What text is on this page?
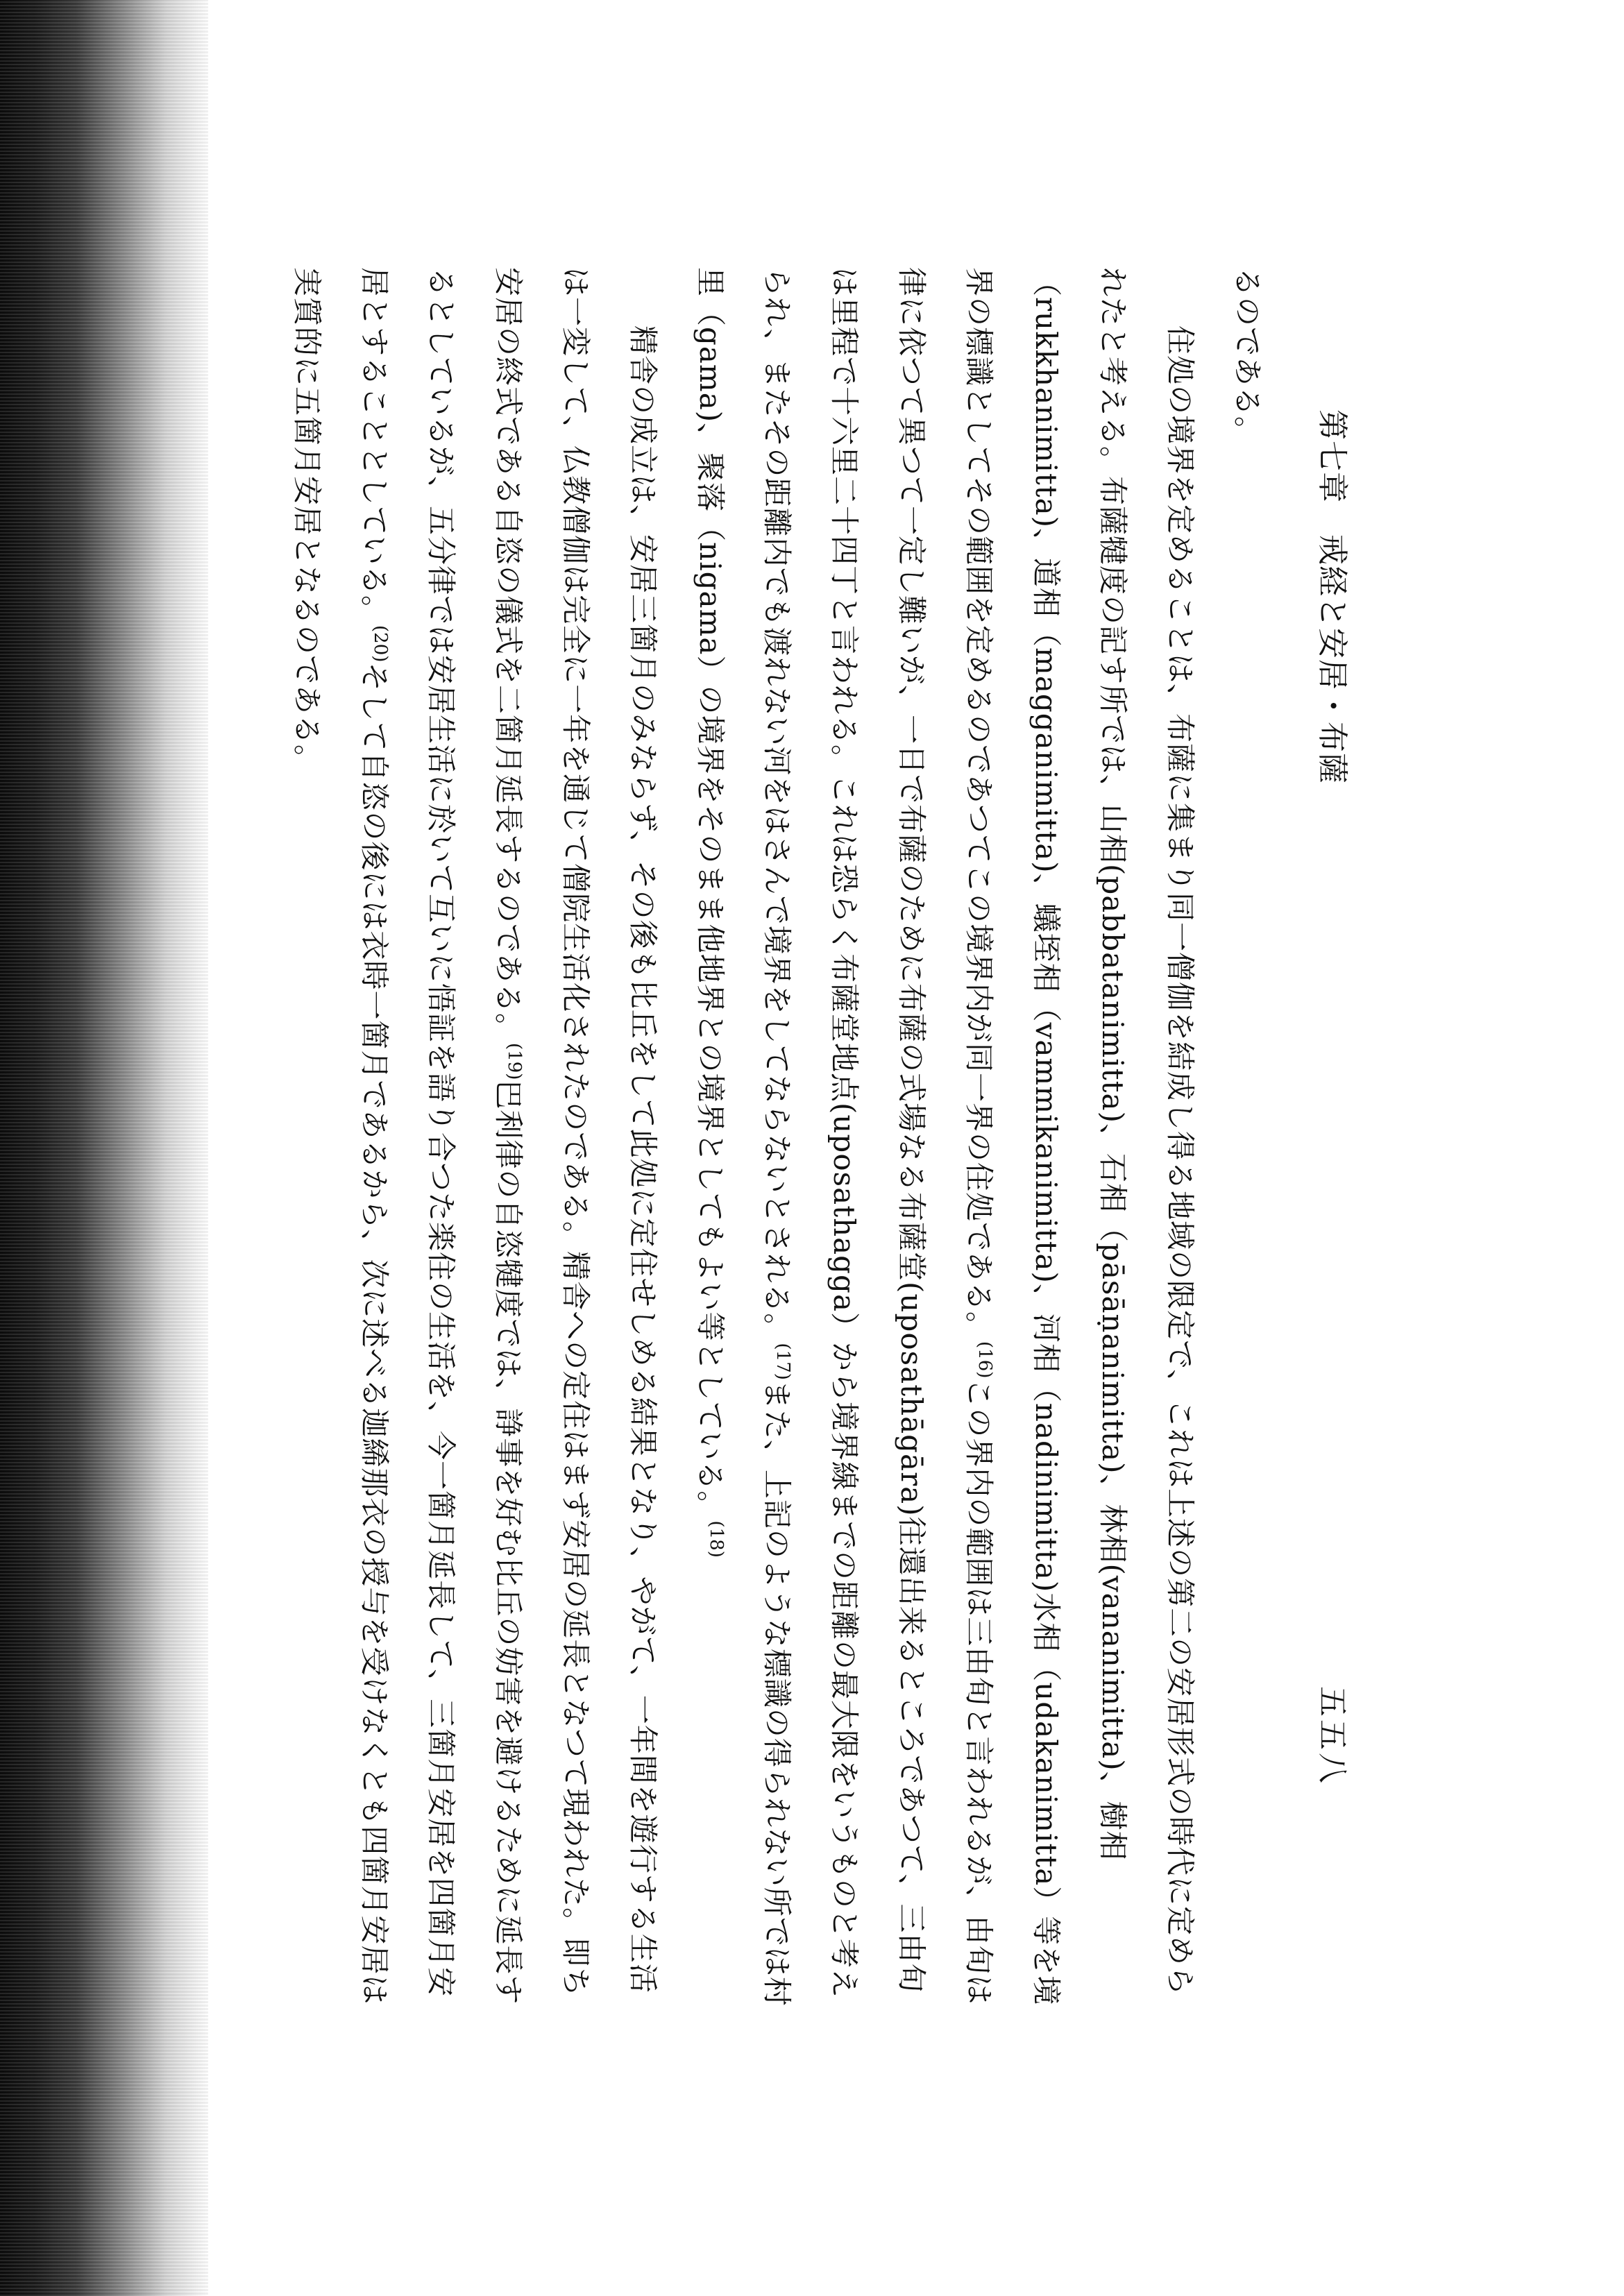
第七章　戒経と安居・布薩
五五八

るのである。

住処の境界を定めることは、布薩に集まり同一僧伽を結成し得る地域の限定で、これは上述の第二の安居形式の時代に定められたと考える。布薩犍度の記す所では、山相(pabbatanimitta)、石相（pāsāṇanimitta)、林相(vananimitta)、樹相（rukkhanimitta)、道相（magganimitta)、蟻垤相（vammikanimitta)、河相（nadinimitta)水相（udakanimitta）等を境界の標識としてその範囲を定めるのであつてこの境界内が同一界の住処である。$^{(16)}$この界内の範囲は三由旬と言われるが、由旬は律に依つて異つて一定し難いが、一日で布薩のために布薩の式場なる布薩堂(uposathāgāra)往還出来るところであつて、三由旬は里程で十六里二十四丁と言われる。これは恐らく布薩堂地点(uposathagga）から境界線までの距離の最大限をいうものと考えられ、またその距離内でも渡れない河をはさんで境界をしてならないとされる。$^{(17)}$また、上記のような標識の得られない所では村里（gama)、聚落（nigama）の境界をそのまま他地界との境界としてもよい等としている。$^{(18)}$

精舎の成立は、安居三箇月のみならず、その後も比丘をして此処に定住せしめる結果となり、やがて、一年間を遊行する生活は一変して、仏教僧伽は完全に一年を通じて僧院生活化されたのである。精舎への定住はまず安居の延長となつて現われた。即ち安居の終式である自恣の儀式を二箇月延長するのである。$^{(19)}$巴利律の自恣犍度では、諍事を好む比丘の妨害を避けるために延長するとしているが、五分律では安居生活に於いて互いに悟証を語り合つた楽住の生活を、今一箇月延長して、三箇月安居を四箇月安居とすることとしている。$^{(20)}$そして自恣の後には衣時一箇月であるから、次に述べる迦絺那衣の授与を受けなくとも四箇月安居は実質的に五箇月安居となるのである。
